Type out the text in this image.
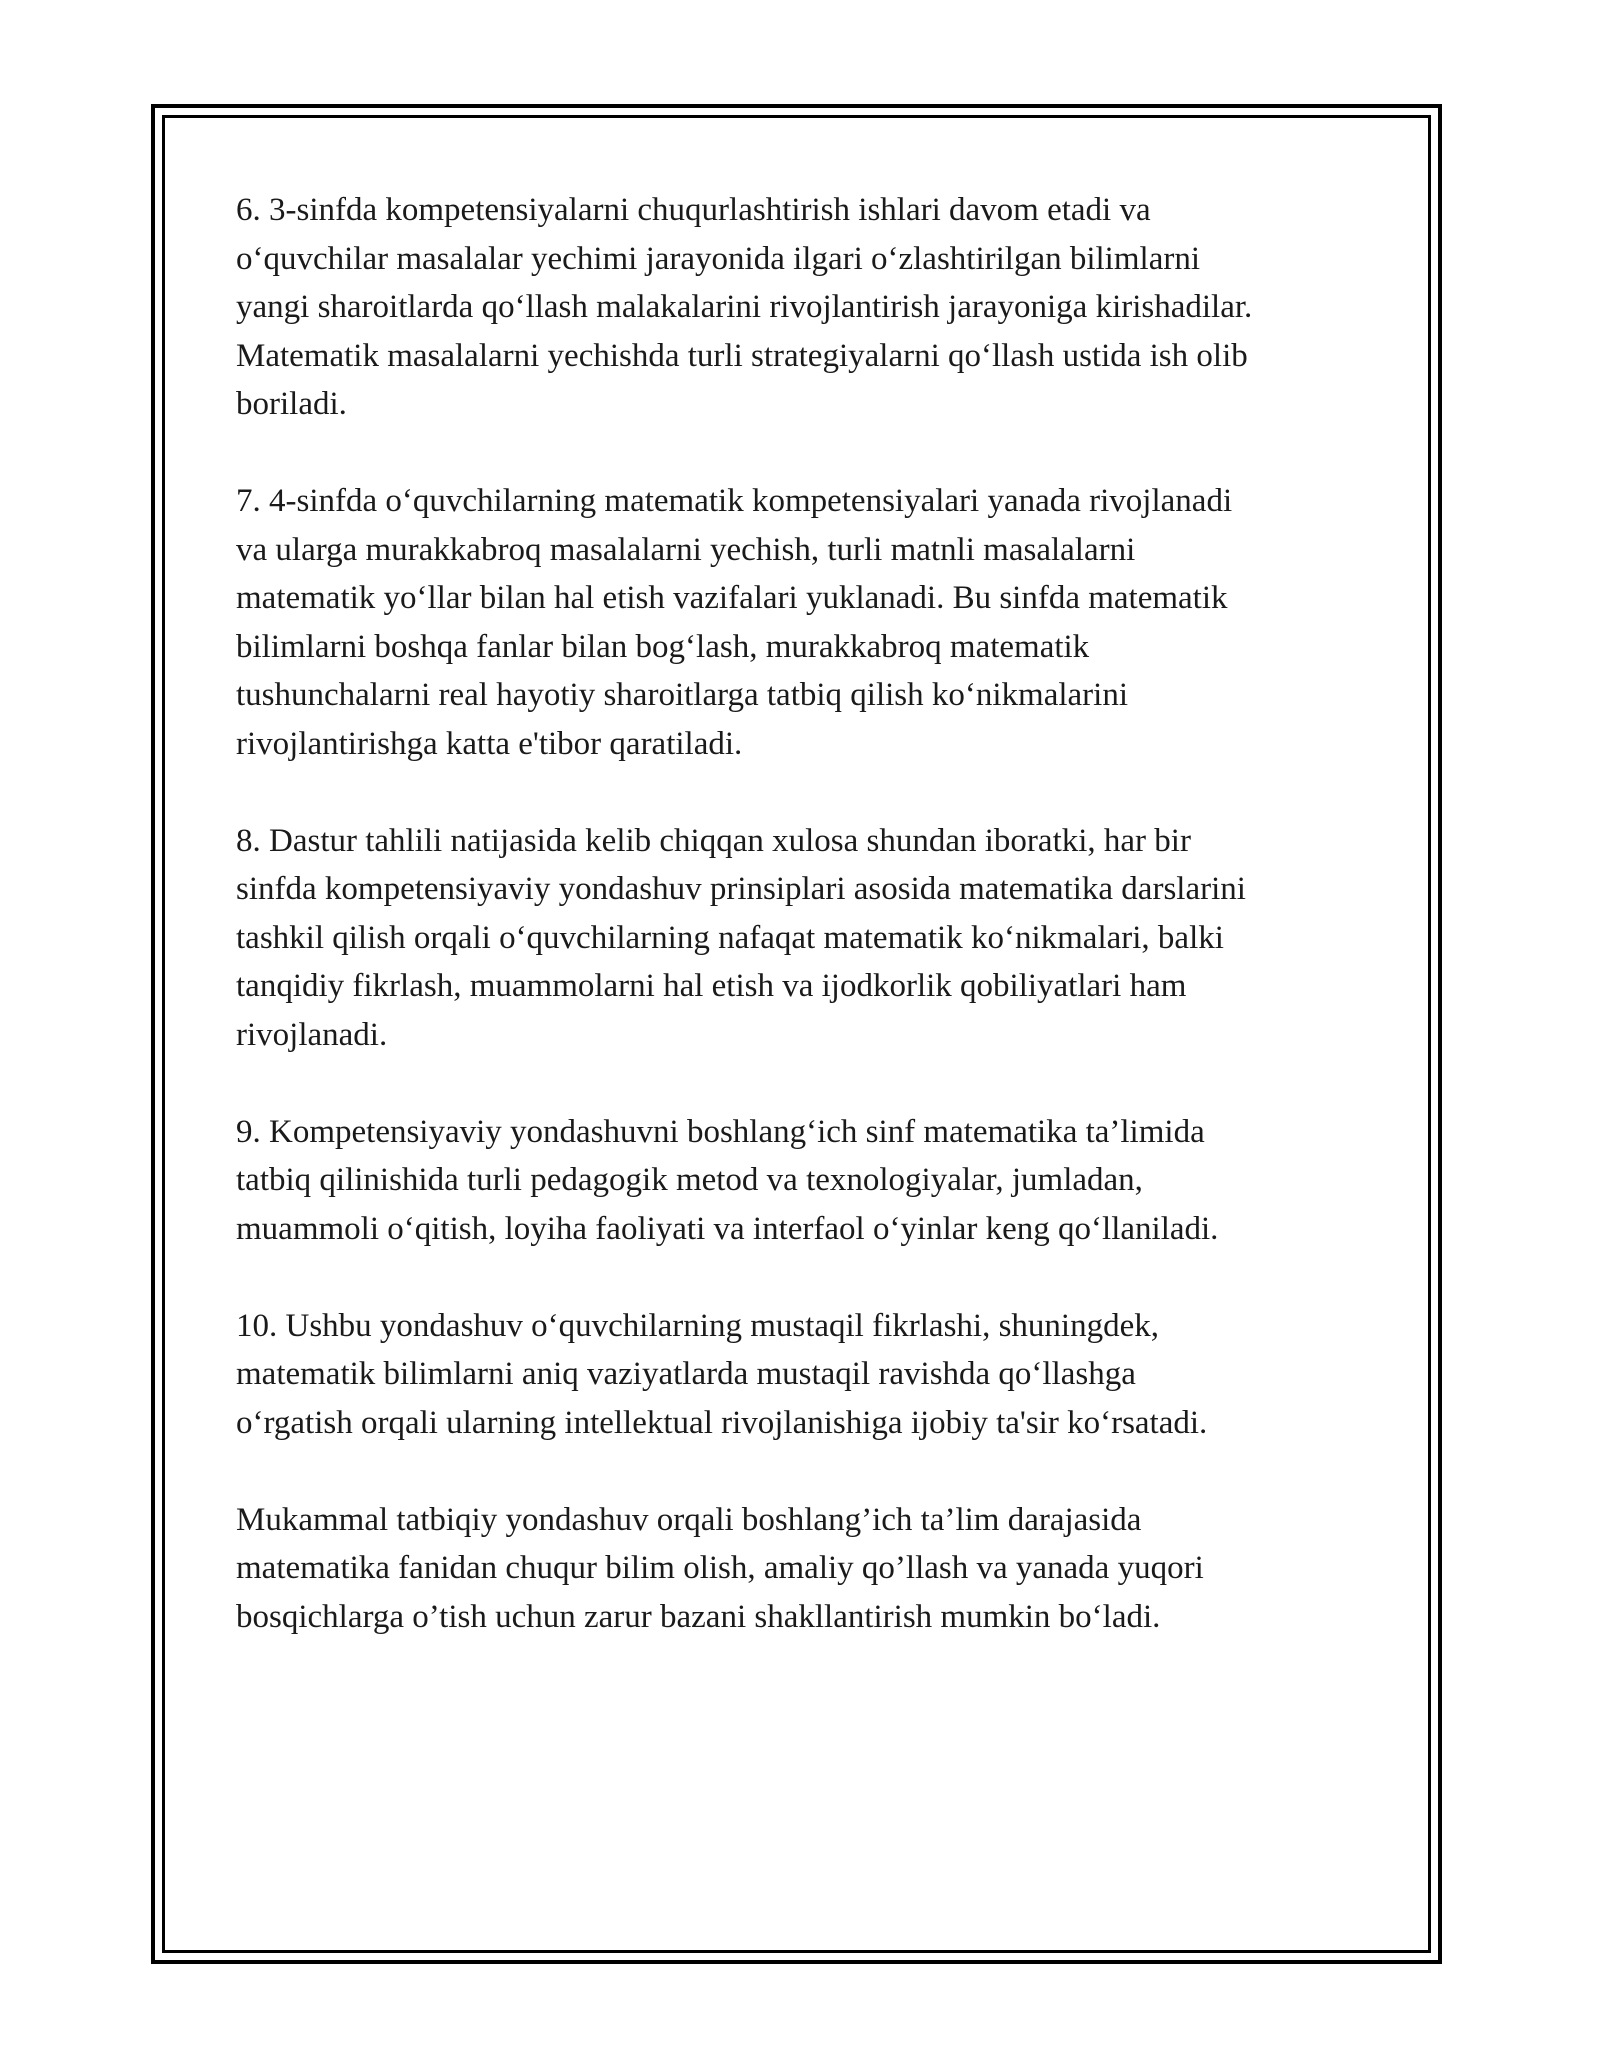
6. 3-sinfda kompetensiyalarni chuqurlashtirish ishlari davom etadi va
o‘quvchilar masalalar yechimi jarayonida ilgari o‘zlashtirilgan bilimlarni
yangi sharoitlarda qo‘llash malakalarini rivojlantirish jarayoniga kirishadilar.
Matematik masalalarni yechishda turli strategiyalarni qo‘llash ustida ish olib
boriladi.

7. 4-sinfda o‘quvchilarning matematik kompetensiyalari yanada rivojlanadi
va ularga murakkabroq masalalarni yechish, turli matnli masalalarni
matematik yo‘llar bilan hal etish vazifalari yuklanadi. Bu sinfda matematik
bilimlarni boshqa fanlar bilan bog‘lash, murakkabroq matematik
tushunchalarni real hayotiy sharoitlarga tatbiq qilish ko‘nikmalarini
rivojlantirishga katta e'tibor qaratiladi.

8. Dastur tahlili natijasida kelib chiqqan xulosa shundan iboratki, har bir
sinfda kompetensiyaviy yondashuv prinsiplari asosida matematika darslarini
tashkil qilish orqali o‘quvchilarning nafaqat matematik ko‘nikmalari, balki
tanqidiy fikrlash, muammolarni hal etish va ijodkorlik qobiliyatlari ham
rivojlanadi.

9. Kompetensiyaviy yondashuvni boshlang‘ich sinf matematika ta’limida
tatbiq qilinishida turli pedagogik metod va texnologiyalar, jumladan,
muammoli o‘qitish, loyiha faoliyati va interfaol o‘yinlar keng qo‘llaniladi.

10. Ushbu yondashuv o‘quvchilarning mustaqil fikrlashi, shuningdek,
matematik bilimlarni aniq vaziyatlarda mustaqil ravishda qo‘llashga
o‘rgatish orqali ularning intellektual rivojlanishiga ijobiy ta'sir ko‘rsatadi.

Mukammal tatbiqiy yondashuv orqali boshlang’ich ta’lim darajasida
matematika fanidan chuqur bilim olish, amaliy qo’llash va yanada yuqori
bosqichlarga o’tish uchun zarur bazani shakllantirish mumkin bo‘ladi.
